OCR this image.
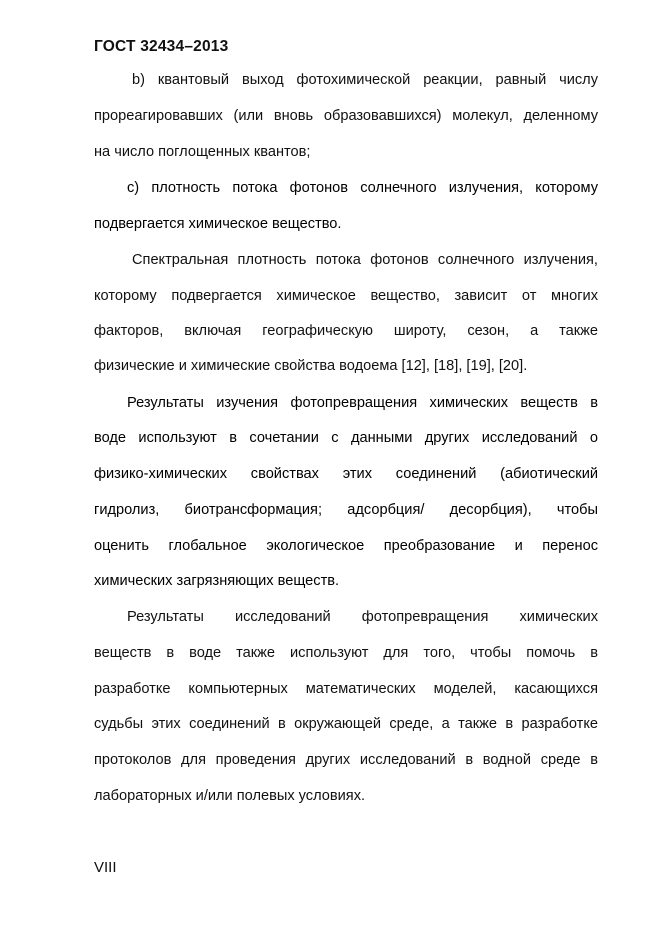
ГОСТ 32434–2013
b) квантовый выход фотохимической реакции, равный числу
прореагировавших (или вновь образовавшихся) молекул, деленному
на число поглощенных квантов;
c) плотность потока фотонов солнечного излучения, которому
подвергается химическое вещество.
Спектральная плотность потока фотонов солнечного излучения,
которому подвергается химическое вещество, зависит от многих
факторов, включая географическую широту, сезон, а также
физические и химические свойства водоема [12], [18], [19], [20].
Результаты изучения фотопревращения химических веществ в
воде используют в сочетании с данными других исследований о
физико-химических свойствах этих соединений (абиотический
гидролиз, биотрансформация; адсорбция/ десорбция), чтобы
оценить глобальное экологическое преобразование и перенос
химических загрязняющих веществ.
Результаты исследований фотопревращения химических
веществ в воде также используют для того, чтобы помочь в
разработке компьютерных математических моделей, касающихся
судьбы этих соединений в окружающей среде, а также в разработке
протоколов для проведения других исследований в водной среде в
лабораторных и/или полевых условиях.
VIII
